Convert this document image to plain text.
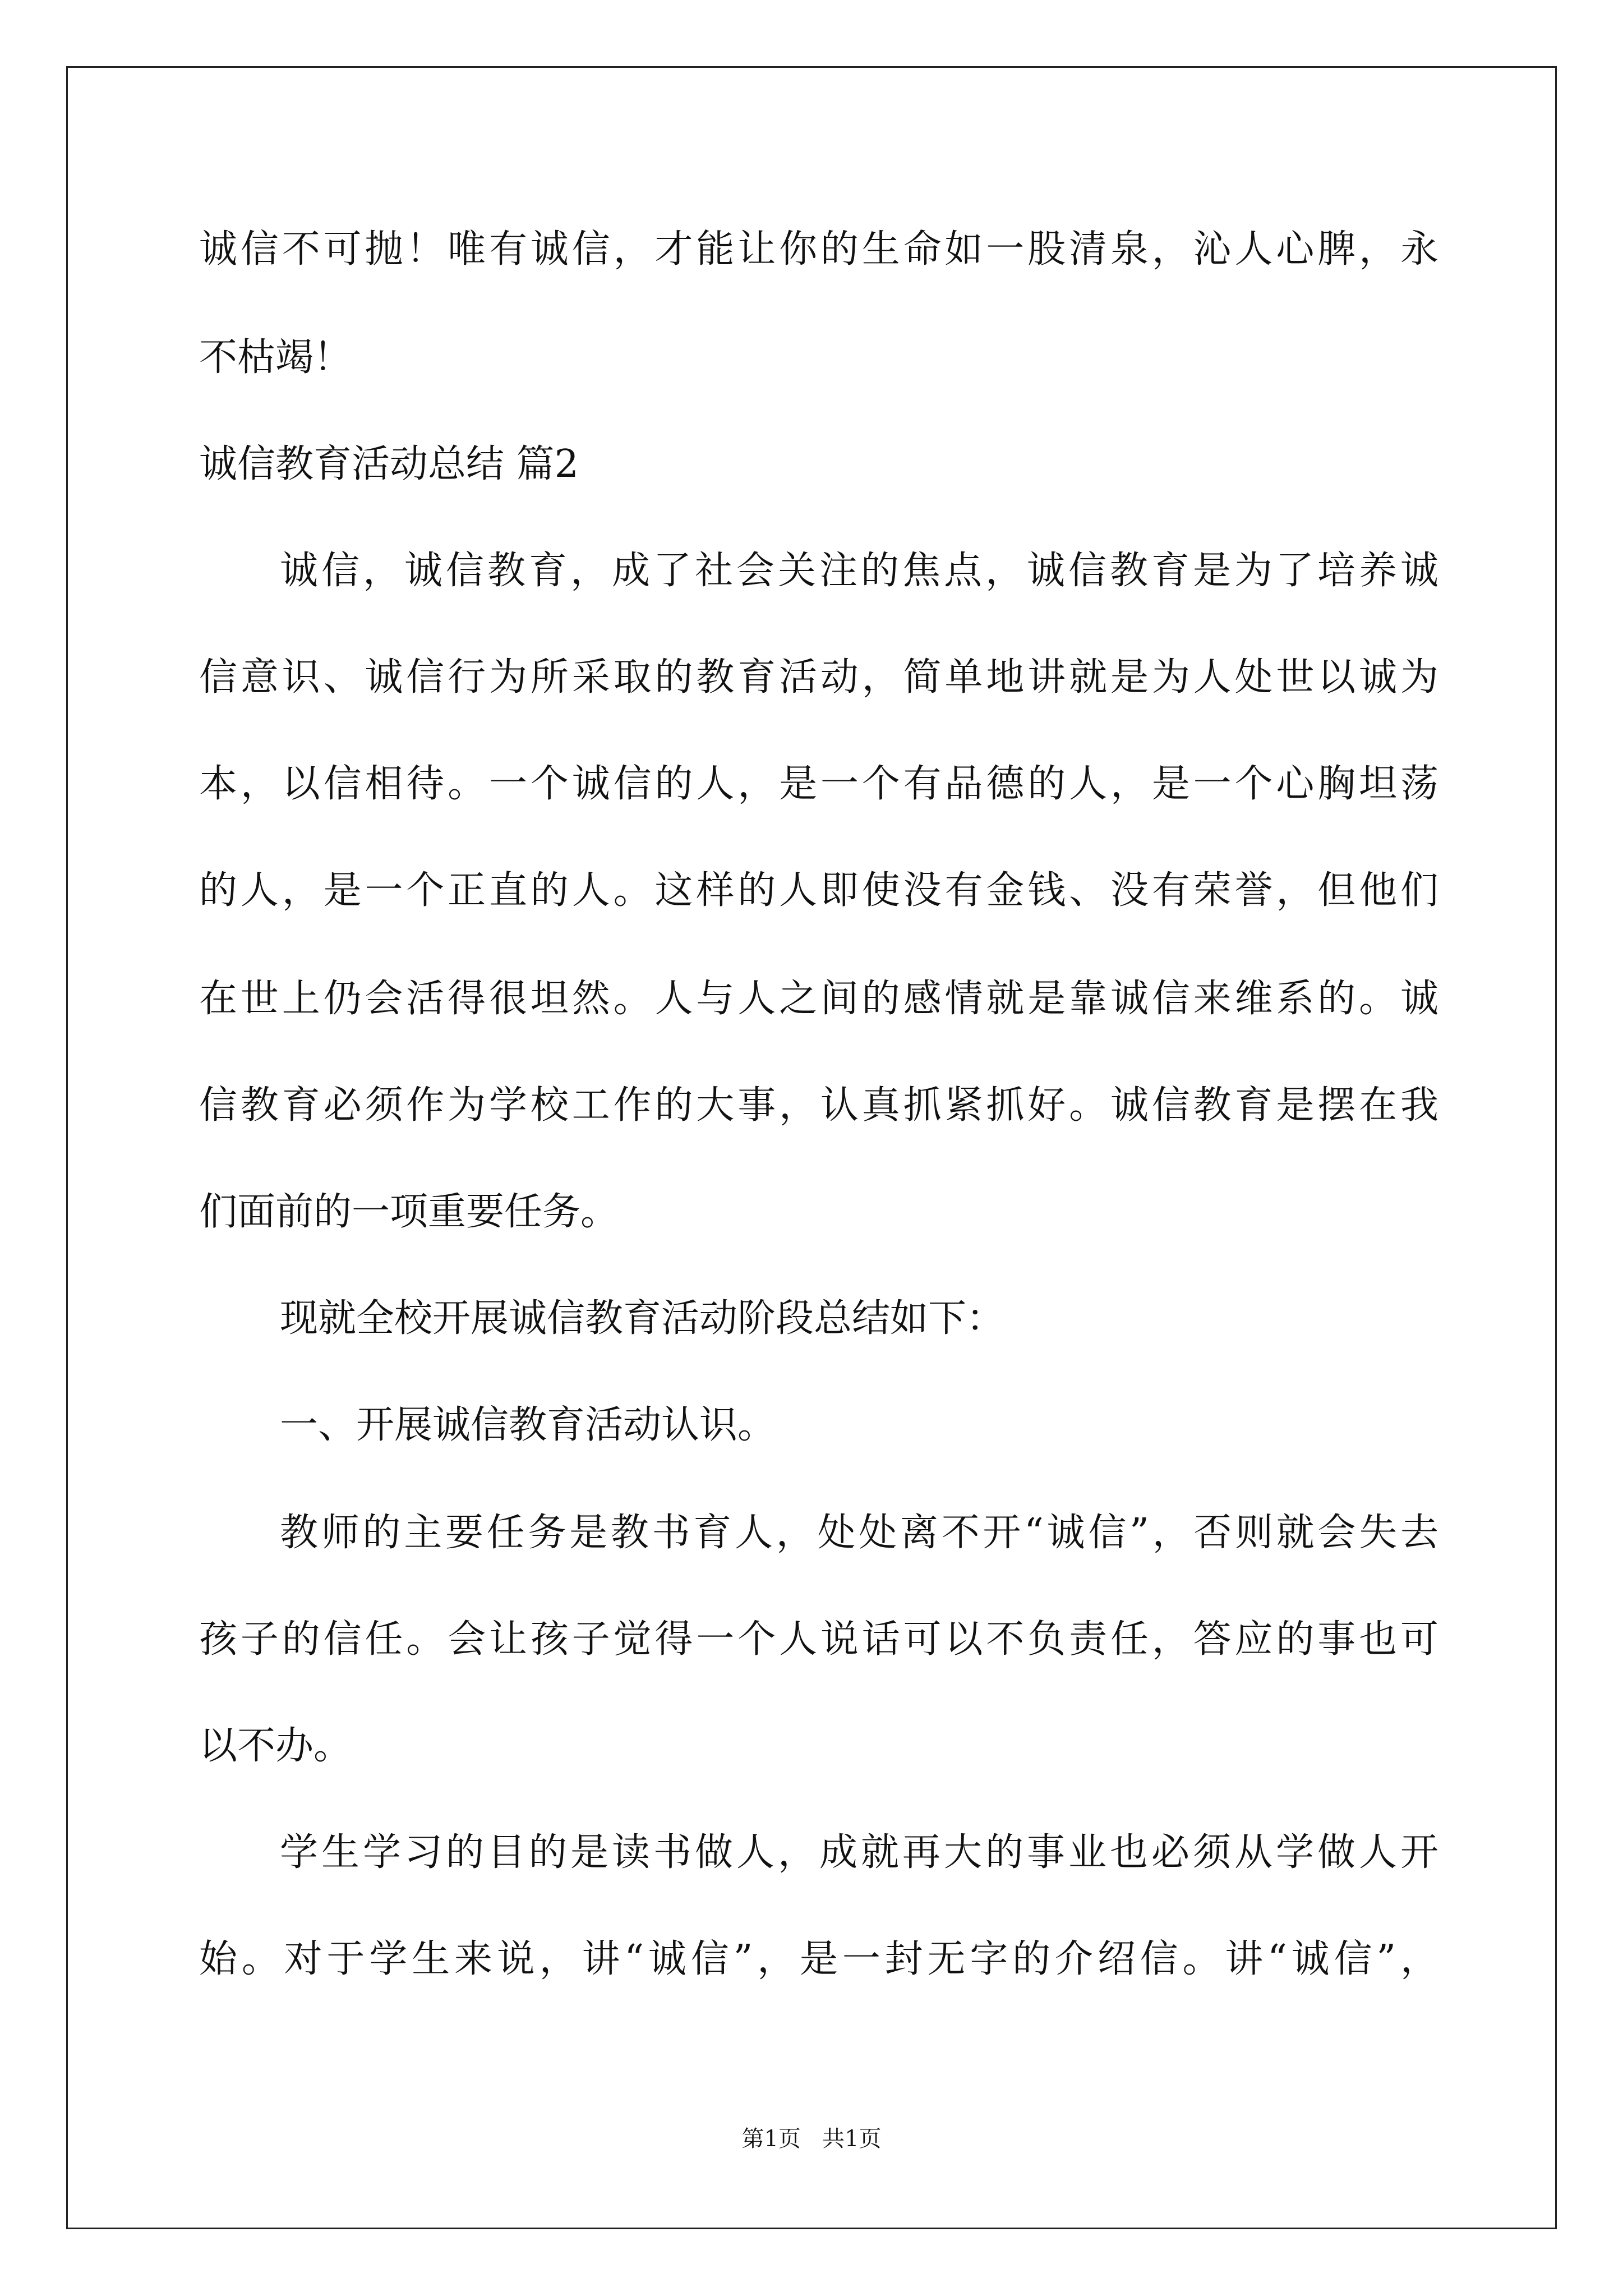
诚信不可抛！唯有诚信，才能让你的生命如一股清泉，沁人心脾，永
不枯竭！
诚信教育活动总结 篇2
诚信，诚信教育，成了社会关注的焦点，诚信教育是为了培养诚
信意识、诚信行为所采取的教育活动，简单地讲就是为人处世以诚为
本，以信相待。一个诚信的人，是一个有品德的人，是一个心胸坦荡
的人，是一个正直的人。这样的人即使没有金钱、没有荣誉，但他们
在世上仍会活得很坦然。人与人之间的感情就是靠诚信来维系的。诚
信教育必须作为学校工作的大事，认真抓紧抓好。诚信教育是摆在我
们面前的一项重要任务。
现就全校开展诚信教育活动阶段总结如下：
一、开展诚信教育活动认识。
教师的主要任务是教书育人，处处离不开“诚信”，否则就会失去
孩子的信任。会让孩子觉得一个人说话可以不负责任，答应的事也可
以不办。
学生学习的目的是读书做人，成就再大的事业也必须从学做人开
始。对于学生来说，讲“诚信”，是一封无字的介绍信。讲“诚信”，
第1页   共1页
